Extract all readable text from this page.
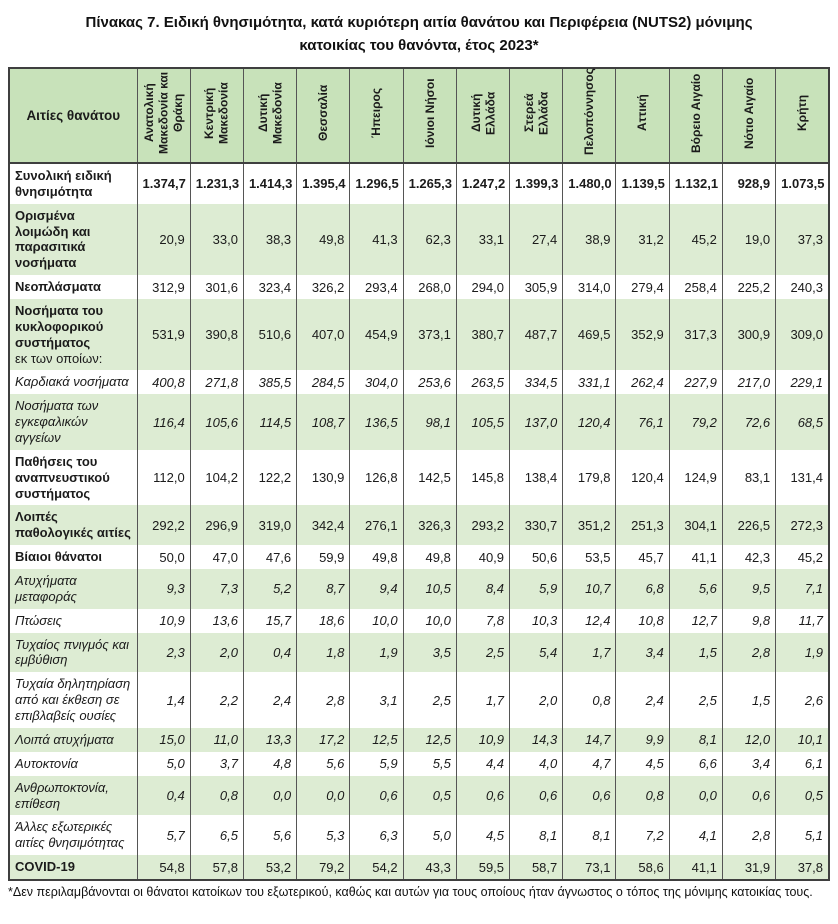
Πίνακας 7. Ειδική θνησιμότητα, κατά κυριότερη αιτία θανάτου και Περιφέρεια (NUTS2) μόνιμης κατοικίας του θανόντα, έτος 2023*
Αιτίες θανάτου	Ανατολική Μακεδονία και Θράκη	Κεντρική Μακεδονία	Δυτική Μακεδονία	Θεσσαλία	Ήπειρος	Ιόνιοι Νήσοι	Δυτική Ελλάδα	Στερεά Ελλάδα	Πελοπόννησος	Αττική	Βόρειο Αιγαίο	Νότιο Αιγαίο	Κρήτη
Συνολική ειδική θνησιμότητα	1.374,7	1.231,3	1.414,3	1.395,4	1.296,5	1.265,3	1.247,2	1.399,3	1.480,0	1.139,5	1.132,1	928,9	1.073,5
Ορισμένα λοιμώδη και παρασιτικά νοσήματα	20,9	33,0	38,3	49,8	41,3	62,3	33,1	27,4	38,9	31,2	45,2	19,0	37,3
Νεοπλάσματα	312,9	301,6	323,4	326,2	293,4	268,0	294,0	305,9	314,0	279,4	258,4	225,2	240,3
Νοσήματα του κυκλοφορικού συστήματος
εκ των οποίων:	531,9	390,8	510,6	407,0	454,9	373,1	380,7	487,7	469,5	352,9	317,3	300,9	309,0
Καρδιακά νοσήματα	400,8	271,8	385,5	284,5	304,0	253,6	263,5	334,5	331,1	262,4	227,9	217,0	229,1
Νοσήματα των εγκεφαλικών αγγείων	116,4	105,6	114,5	108,7	136,5	98,1	105,5	137,0	120,4	76,1	79,2	72,6	68,5
Παθήσεις του αναπνευστικού συστήματος	112,0	104,2	122,2	130,9	126,8	142,5	145,8	138,4	179,8	120,4	124,9	83,1	131,4
Λοιπές παθολογικές αιτίες	292,2	296,9	319,0	342,4	276,1	326,3	293,2	330,7	351,2	251,3	304,1	226,5	272,3
Βίαιοι θάνατοι	50,0	47,0	47,6	59,9	49,8	49,8	40,9	50,6	53,5	45,7	41,1	42,3	45,2
Ατυχήματα μεταφοράς	9,3	7,3	5,2	8,7	9,4	10,5	8,4	5,9	10,7	6,8	5,6	9,5	7,1
Πτώσεις	10,9	13,6	15,7	18,6	10,0	10,0	7,8	10,3	12,4	10,8	12,7	9,8	11,7
Τυχαίος πνιγμός και εμβύθιση	2,3	2,0	0,4	1,8	1,9	3,5	2,5	5,4	1,7	3,4	1,5	2,8	1,9
Τυχαία δηλητηρίαση από και έκθεση σε επιβλαβείς ουσίες	1,4	2,2	2,4	2,8	3,1	2,5	1,7	2,0	0,8	2,4	2,5	1,5	2,6
Λοιπά ατυχήματα	15,0	11,0	13,3	17,2	12,5	12,5	10,9	14,3	14,7	9,9	8,1	12,0	10,1
Αυτοκτονία	5,0	3,7	4,8	5,6	5,9	5,5	4,4	4,0	4,7	4,5	6,6	3,4	6,1
Ανθρωποκτονία, επίθεση	0,4	0,8	0,0	0,0	0,6	0,5	0,6	0,6	0,6	0,8	0,0	0,6	0,5
Άλλες εξωτερικές αιτίες θνησιμότητας	5,7	6,5	5,6	5,3	6,3	5,0	4,5	8,1	8,1	7,2	4,1	2,8	5,1
COVID-19	54,8	57,8	53,2	79,2	54,2	43,3	59,5	58,7	73,1	58,6	41,1	31,9	37,8
*Δεν περιλαμβάνονται οι θάνατοι κατοίκων του εξωτερικού, καθώς και αυτών για τους οποίους ήταν άγνωστος ο τόπος της μόνιμης κατοικίας τους.
